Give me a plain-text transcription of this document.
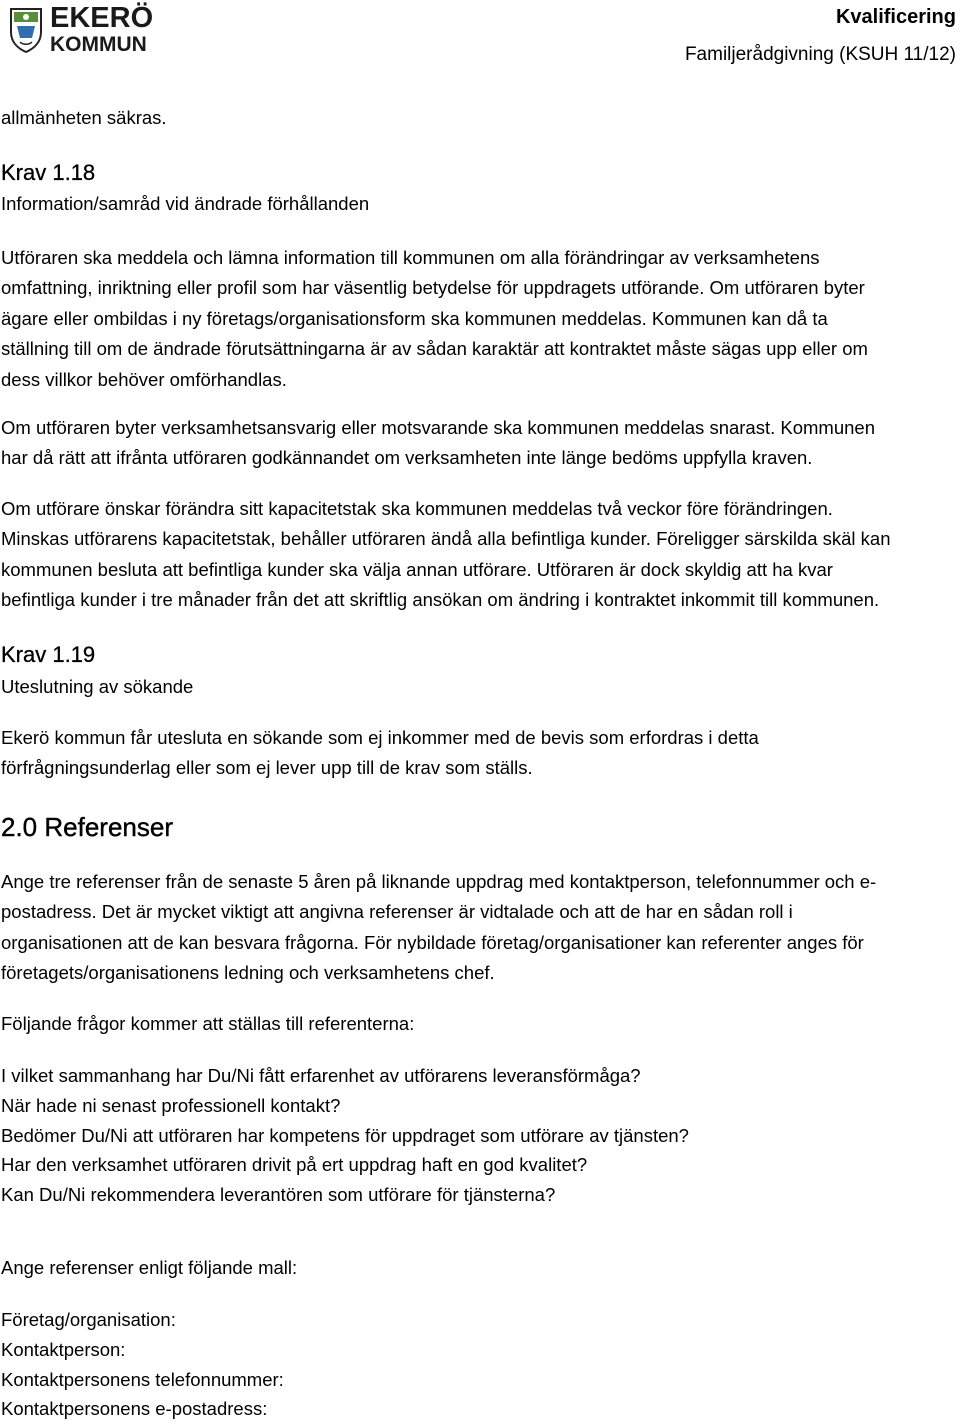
EKERÖ
KOMMUN
Kvalificering
Familjerådgivning (KSUH 11/12)
allmänheten säkras.
Krav 1.18
Information/samråd vid ändrade förhållanden
Utföraren ska meddela och lämna information till kommunen om alla förändringar av verksamhetens
omfattning, inriktning eller profil som har väsentlig betydelse för uppdragets utförande. Om utföraren byter
ägare eller ombildas i ny företags/organisationsform ska kommunen meddelas. Kommunen kan då ta
ställning till om de ändrade förutsättningarna är av sådan karaktär att kontraktet måste sägas upp eller om
dess villkor behöver omförhandlas.
Om utföraren byter verksamhetsansvarig eller motsvarande ska kommunen meddelas snarast. Kommunen
har då rätt att ifrånta utföraren godkännandet om verksamheten inte länge bedöms uppfylla kraven.
Om utförare önskar förändra sitt kapacitetstak ska kommunen meddelas två veckor före förändringen.
Minskas utförarens kapacitetstak, behåller utföraren ändå alla befintliga kunder. Föreligger särskilda skäl kan
kommunen besluta att befintliga kunder ska välja annan utförare. Utföraren är dock skyldig att ha kvar
befintliga kunder i tre månader från det att skriftlig ansökan om ändring i kontraktet inkommit till kommunen.
Krav 1.19
Uteslutning av sökande
Ekerö kommun får utesluta en sökande som ej inkommer med de bevis som erfordras i detta
förfrågningsunderlag eller som ej lever upp till de krav som ställs.
2.0 Referenser
Ange tre referenser från de senaste 5 åren på liknande uppdrag med kontaktperson, telefonnummer och e-
postadress. Det är mycket viktigt att angivna referenser är vidtalade och att de har en sådan roll i
organisationen att de kan besvara frågorna. För nybildade företag/organisationer kan referenter anges för
företagets/organisationens ledning och verksamhetens chef.
Följande frågor kommer att ställas till referenterna:
I vilket sammanhang har Du/Ni fått erfarenhet av utförarens leveransförmåga?
När hade ni senast professionell kontakt?
Bedömer Du/Ni att utföraren har kompetens för uppdraget som utförare av tjänsten?
Har den verksamhet utföraren drivit på ert uppdrag haft en god kvalitet?
Kan Du/Ni rekommendera leverantören som utförare för tjänsterna?
Ange referenser enligt följande mall:
Företag/organisation:
Kontaktperson:
Kontaktpersonens telefonnummer:
Kontaktpersonens e-postadress:
